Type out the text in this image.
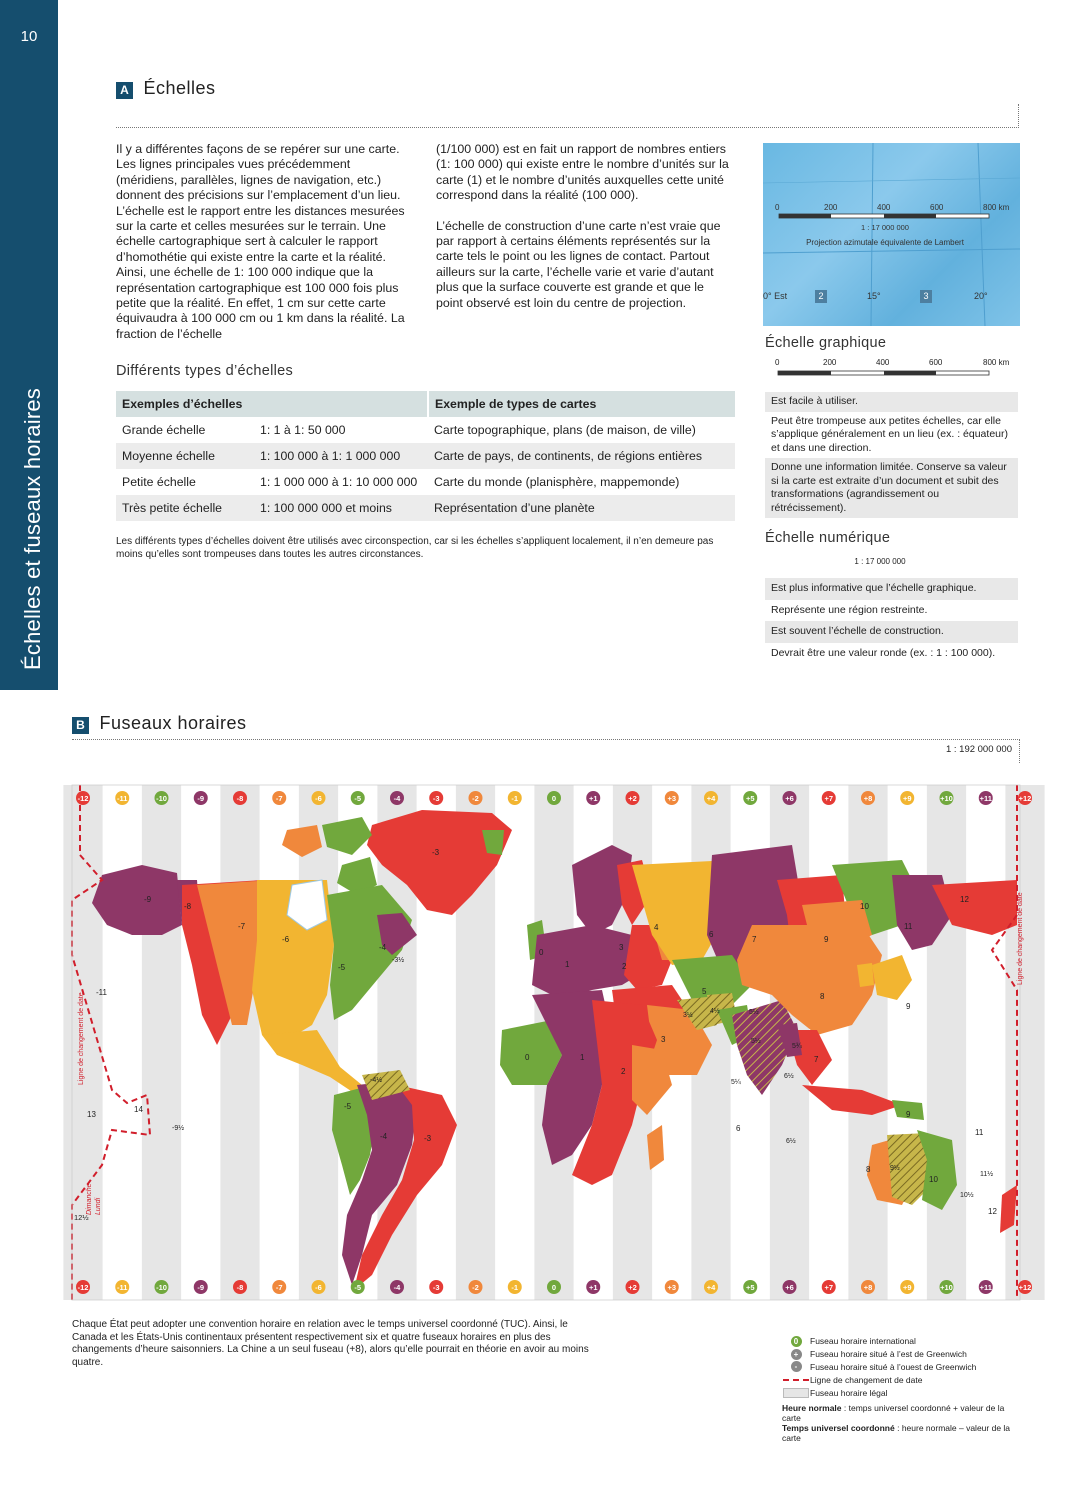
10
Échelles et fuseaux horaires
A Échelles
Il y a différentes façons de se repérer sur une carte. Les lignes principales vues précédemment (méridiens, parallèles, lignes de navigation, etc.) donnent des précisions sur l’emplacement d’un lieu. L’échelle est le rapport entre les distances mesurées sur la carte et celles mesurées sur le terrain. Une échelle cartographique sert à calculer le rapport d’homothétie qui existe entre la carte et la réalité. Ainsi, une échelle de 1: 100 000 indique que la représentation cartographique est 100 000 fois plus petite que la réalité. En effet, 1 cm sur cette carte équivaudra à 100 000 cm ou 1 km dans la réalité. La fraction de l’échelle

(1/100 000) est en fait un rapport de nombres entiers (1: 100 000) qui existe entre le nombre d’unités sur la carte (1) et le nombre d’unités auxquelles cette unité correspond dans la réalité (100 000).

L’échelle de construction d’une carte n’est vraie que par rapport à certains éléments représentés sur la carte tels le point ou les lignes de contact. Partout ailleurs sur la carte, l’échelle varie et varie d’autant plus que la surface couverte est grande et que le point observé est loin du centre de projection.

0	200	400	600	800 km
1 : 17 000 000
Projection azimutale équivalente de Lambert
0° Est	2	15°	3	20°
Échelle graphique
0	200	400	600	800 km
Est facile à utiliser.
Peut être trompeuse aux petites échelles, car elle s’applique généralement en un lieu (ex. : équateur) et dans une direction.
Donne une information limitée. Conserve sa valeur si la carte est extraite d’un document et subit des transformations (agrandissement ou rétrécissement).
Échelle numérique
1 : 17 000 000
Est plus informative que l’échelle graphique.
Représente une région restreinte.
Est souvent l’échelle de construction.
Devrait être une valeur ronde (ex. : 1 : 100 000).
Différents types d’échelles
Exemples d’échelles		Exemple de types de cartes
Grande échelle	1: 1 à 1: 50 000	Carte topographique, plans (de maison, de ville)
Moyenne échelle	1: 100 000 à 1: 1 000 000	Carte de pays, de continents, de régions entières
Petite échelle	1: 1 000 000 à 1: 10 000 000	Carte du monde (planisphère, mappemonde)
Très petite échelle	1: 100 000 000 et moins	Représentation d’une planète
Les différents types d’échelles doivent être utilisés avec circonspection, car si les échelles s’appliquent localement, il n’en demeure pas moins qu’elles sont trompeuses dans toutes les autres circonstances.
B Fuseaux horaires
1 : 192 000 000
-12	-11	-10	-9	-8	-7	-6	-5	-4	-3	-2	-1	0	+1	+2	+3	+4	+5	+6	+7	+8	+9	+10	+11	+12
-12	-11	-10	-9	-8	-7	-6	-5	-4	-3	-2	-1	0	+1	+2	+3	+4	+5	+6	+7	+8	+9	+10	+11	+12
-3
-9
-8
-7
-6
-5
-4
-3½
-11
13
14
-9½
12½
-5
-4	-3
-4½
0
1	2
3
4
6
7	9
10
11
12
3½
4½
5
5½
5¾
6½
5¼
7
8
9
3
0	1
2
6
6½
9
8	9½
10
11
11½
10½
12
5½
Ligne de changement de date
Ligne de changement de date
Dimanche Lundi
Chaque État peut adopter une convention horaire en relation avec le temps universel coordonné (TUC). Ainsi, le Canada et les États-Unis continentaux présentent respectivement six et quatre fuseaux horaires en plus des changements d’heure saisonniers. La Chine a un seul fuseau (+8), alors qu’elle pourrait en théorie en avoir au moins quatre.
0	Fuseau horaire international
+	Fuseau horaire situé à l’est de Greenwich
-	Fuseau horaire situé à l’ouest de Greenwich
Ligne de changement de date
Fuseau horaire légal
Heure normale : temps universel coordonné + valeur de la carte
Temps universel coordonné : heure normale – valeur de la carte
